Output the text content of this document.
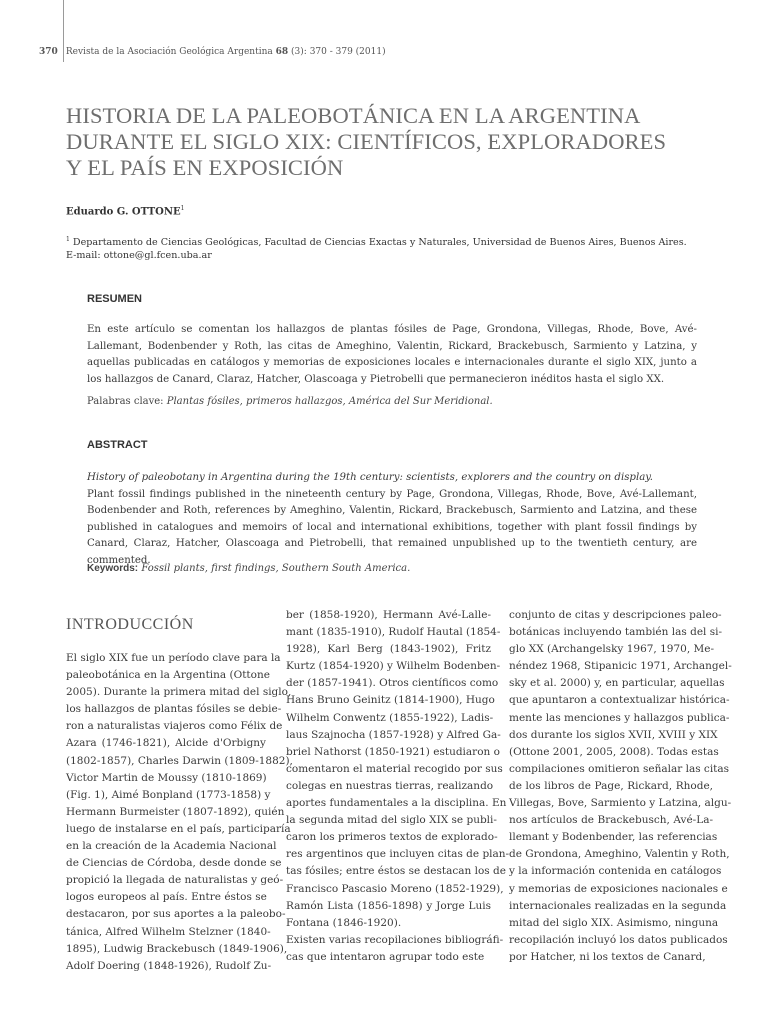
370 Revista de la Asociación Geológica Argentina 68 (3): 370 - 379 (2011)
HISTORIA DE LA PALEOBOTÁNICA EN LA ARGENTINA
DURANTE EL SIGLO XIX: CIENTÍFICOS, EXPLORADORES
Y EL PAÍS EN EXPOSICIÓN
Eduardo G. OTTONE$^1$
$^1$ Departamento de Ciencias Geológicas, Facultad de Ciencias Exactas y Naturales, Universidad de Buenos Aires, Buenos Aires.
E-mail: ottone@gl.fcen.uba.ar
RESUMEN
En este artículo se comentan los hallazgos de plantas fósiles de Page, Grondona, Villegas, Rhode, Bove, Avé-Lallemant, Bodenbender y Roth, las citas de Ameghino, Valentin, Rickard, Brackebusch, Sarmiento y Latzina, y aquellas publicadas en catálogos y memorias de exposiciones locales e internacionales durante el siglo XIX, junto a los hallazgos de Canard, Claraz, Hatcher, Olascoaga y Pietrobelli que permanecieron inéditos hasta el siglo XX.
Palabras clave: Plantas fósiles, primeros hallazgos, América del Sur Meridional.
ABSTRACT
History of paleobotany in Argentina during the 19th century: scientists, explorers and the country on display.
Plant fossil findings published in the nineteenth century by Page, Grondona, Villegas, Rhode, Bove, Avé-Lallemant, Bodenbender and Roth, references by Ameghino, Valentin, Rickard, Brackebusch, Sarmiento and Latzina, and these published in catalogues and memoirs of local and international exhibitions, together with plant fossil findings by Canard, Claraz, Hatcher, Olascoaga and Pietrobelli, that remained unpublished up to the twentieth century, are commented.
Keywords: Fossil plants, first findings, Southern South America.
INTRODUCCIÓN
El siglo XIX fue un período clave para la
paleobotánica en la Argentina (Ottone
2005). Durante la primera mitad del siglo,
los hallazgos de plantas fósiles se debie-
ron a naturalistas viajeros como Félix de
Azara (1746-1821), Alcide d'Orbigny
(1802-1857), Charles Darwin (1809-1882),
Victor Martin de Moussy (1810-1869)
(Fig. 1), Aimé Bonpland (1773-1858) y
Hermann Burmeister (1807-1892), quién
luego de instalarse en el país, participaría
en la creación de la Academia Nacional
de Ciencias de Córdoba, desde donde se
propició la llegada de naturalistas y geó-
logos europeos al país. Entre éstos se
destacaron, por sus aportes a la paleobo-
tánica, Alfred Wilhelm Stelzner (1840-
1895), Ludwig Brackebusch (1849-1906),
Adolf Doering (1848-1926), Rudolf Zu-
ber (1858-1920), Hermann Avé-Lalle-
mant (1835-1910), Rudolf Hautal (1854-
1928), Karl Berg (1843-1902), Fritz
Kurtz (1854-1920) y Wilhelm Bodenben-
der (1857-1941). Otros científicos como
Hans Bruno Geinitz (1814-1900), Hugo
Wilhelm Conwentz (1855-1922), Ladis-
laus Szajnocha (1857-1928) y Alfred Ga-
briel Nathorst (1850-1921) estudiaron o
comentaron el material recogido por sus
colegas en nuestras tierras, realizando
aportes fundamentales a la disciplina. En
la segunda mitad del siglo XIX se publi-
caron los primeros textos de explorado-
res argentinos que incluyen citas de plan-
tas fósiles; entre éstos se destacan los de
Francisco Pascasio Moreno (1852-1929),
Ramón Lista (1856-1898) y Jorge Luis
Fontana (1846-1920).
Existen varias recopilaciones bibliográfi-
cas que intentaron agrupar todo este
conjunto de citas y descripciones paleo-
botánicas incluyendo también las del si-
glo XX (Archangelsky 1967, 1970, Me-
néndez 1968, Stipanicic 1971, Archangel-
sky et al. 2000) y, en particular, aquellas
que apuntaron a contextualizar histórica-
mente las menciones y hallazgos publica-
dos durante los siglos XVII, XVIII y XIX
(Ottone 2001, 2005, 2008). Todas estas
compilaciones omitieron señalar las citas
de los libros de Page, Rickard, Rhode,
Villegas, Bove, Sarmiento y Latzina, algu-
nos artículos de Brackebusch, Avé-La-
llemant y Bodenbender, las referencias
de Grondona, Ameghino, Valentin y Roth,
y la información contenida en catálogos
y memorias de exposiciones nacionales e
internacionales realizadas en la segunda
mitad del siglo XIX. Asimismo, ninguna
recopilación incluyó los datos publicados
por Hatcher, ni los textos de Canard,
